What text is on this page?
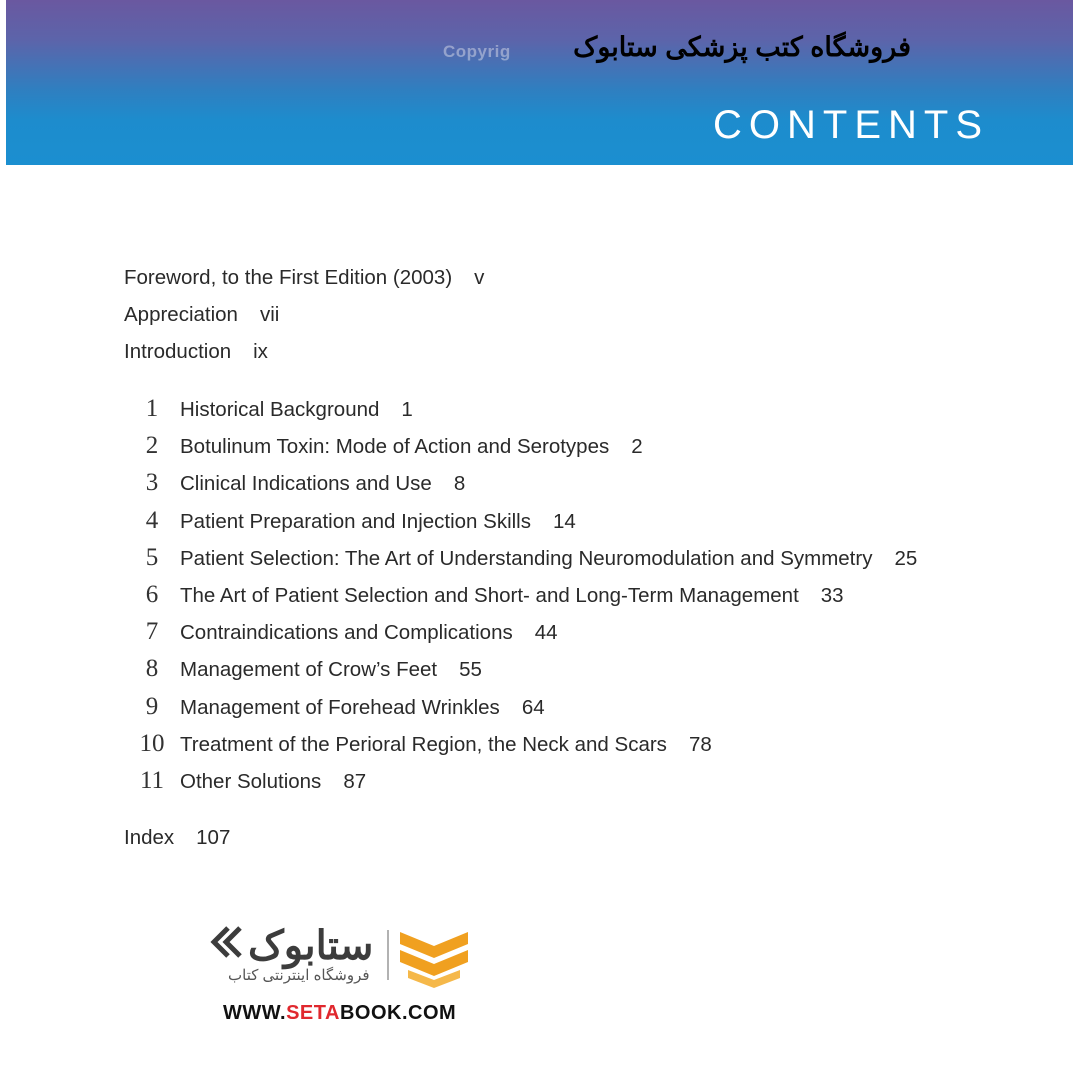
Copyrig	فروشگاه کتب پزشکی ستابوک
CONTENTS
Foreword, to the First Edition (2003) v
Appreciation vii
Introduction ix
1 Historical Background 1
2 Botulinum Toxin: Mode of Action and Serotypes 2
3 Clinical Indications and Use 8
4 Patient Preparation and Injection Skills 14
5 Patient Selection: The Art of Understanding Neuromodulation and Symmetry 25
6 The Art of Patient Selection and Short- and Long-Term Management 33
7 Contraindications and Complications 44
8 Management of Crow’s Feet 55
9 Management of Forehead Wrinkles 64
10 Treatment of the Perioral Region, the Neck and Scars 78
11 Other Solutions 87
Index 107
ستابوک
فروشگاه اینترنتی کتاب
WWW.SETABOOK.COM
